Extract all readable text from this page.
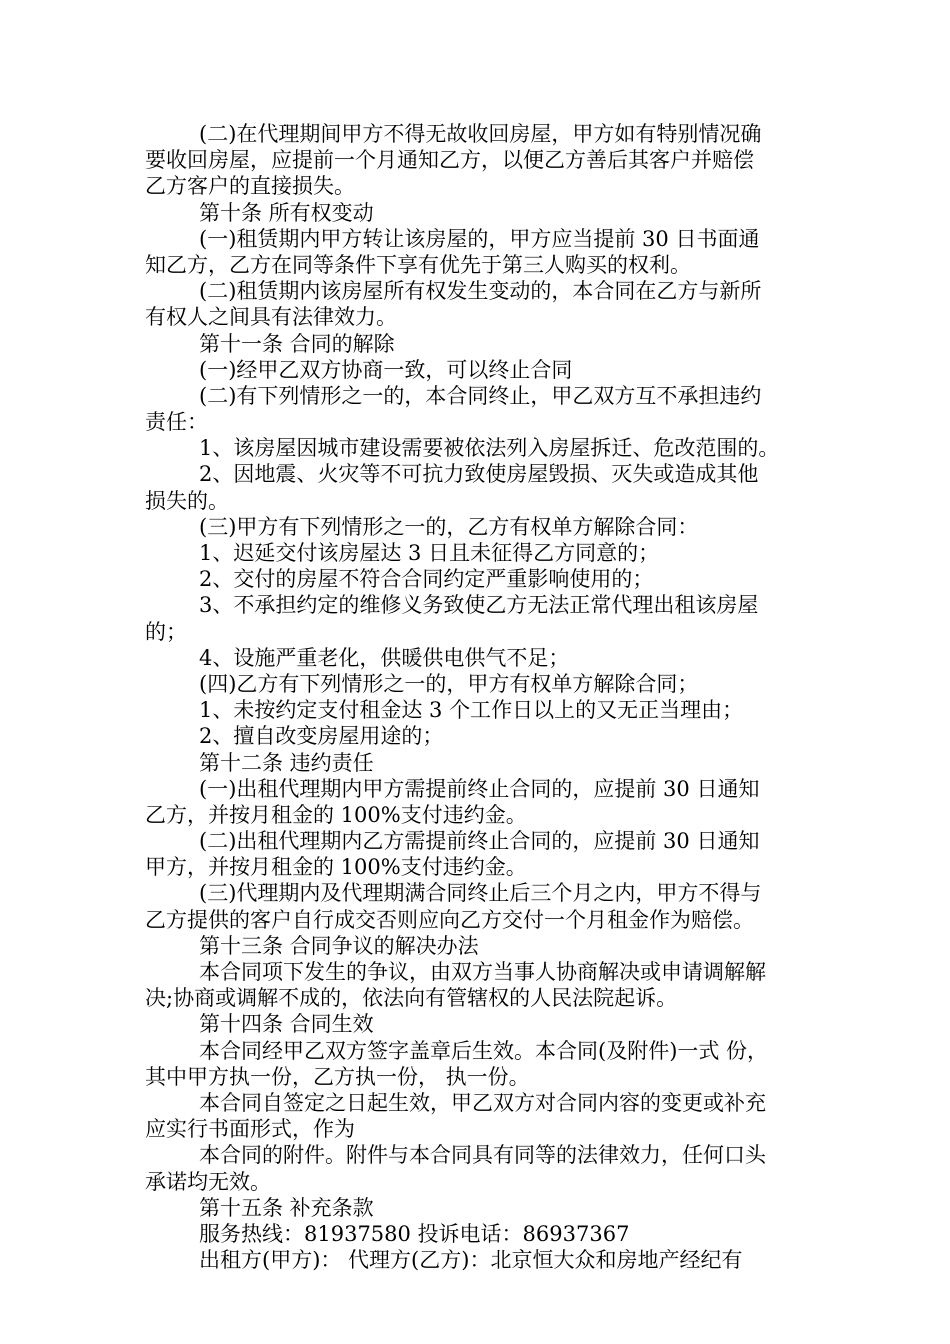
(二)在代理期间甲方不得无故收回房屋，甲方如有特别情况确
要收回房屋，应提前一个月通知乙方，以便乙方善后其客户并赔偿
乙方客户的直接损失。
第十条 所有权变动
(一)租赁期内甲方转让该房屋的，甲方应当提前 30 日书面通
知乙方，乙方在同等条件下享有优先于第三人购买的权利。
(二)租赁期内该房屋所有权发生变动的，本合同在乙方与新所
有权人之间具有法律效力。
第十一条 合同的解除
(一)经甲乙双方协商一致，可以终止合同
(二)有下列情形之一的，本合同终止，甲乙双方互不承担违约
责任：
1、该房屋因城市建设需要被依法列入房屋拆迁、危改范围的。
2、因地震、火灾等不可抗力致使房屋毁损、灭失或造成其他
损失的。
(三)甲方有下列情形之一的，乙方有权单方解除合同：
1、迟延交付该房屋达 3 日且未征得乙方同意的；
2、交付的房屋不符合合同约定严重影响使用的；
3、不承担约定的维修义务致使乙方无法正常代理出租该房屋
的；
4、设施严重老化，供暖供电供气不足；
(四)乙方有下列情形之一的，甲方有权单方解除合同；
1、未按约定支付租金达 3 个工作日以上的又无正当理由；
2、擅自改变房屋用途的；
第十二条 违约责任
(一)出租代理期内甲方需提前终止合同的，应提前 30 日通知
乙方，并按月租金的 100%支付违约金。
(二)出租代理期内乙方需提前终止合同的，应提前 30 日通知
甲方，并按月租金的 100%支付违约金。
(三)代理期内及代理期满合同终止后三个月之内，甲方不得与
乙方提供的客户自行成交否则应向乙方交付一个月租金作为赔偿。
第十三条 合同争议的解决办法
本合同项下发生的争议，由双方当事人协商解决或申请调解解
决;协商或调解不成的，依法向有管辖权的人民法院起诉。
第十四条 合同生效
本合同经甲乙双方签字盖章后生效。本合同(及附件)一式 份，
其中甲方执一份，乙方执一份， 执一份。
本合同自签定之日起生效，甲乙双方对合同内容的变更或补充
应实行书面形式，作为
本合同的附件。附件与本合同具有同等的法律效力，任何口头
承诺均无效。
第十五条 补充条款
服务热线：81937580 投诉电话：86937367
出租方(甲方)： 代理方(乙方)：北京恒大众和房地产经纪有
